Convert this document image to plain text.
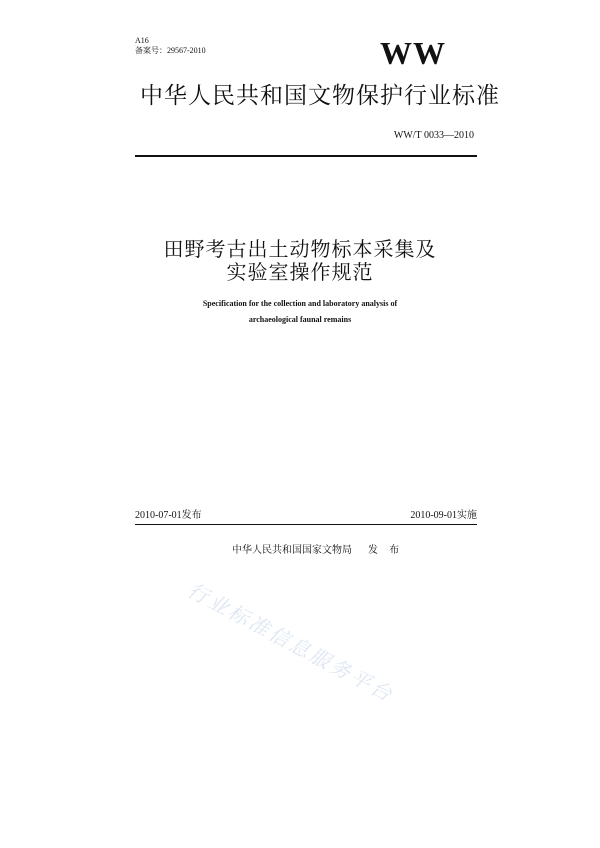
A16
备案号：29567-2010	WW
中华人民共和国文物保护行业标准
WW/T 0033—2010
田野考古出土动物标本采集及
实验室操作规范
Specification for the collection and laboratory analysis of
archaeological faunal remains
2010-07-01发布	2010-09-01实施
中华人民共和国国家文物局 发 布
行业标准信息服务平台
